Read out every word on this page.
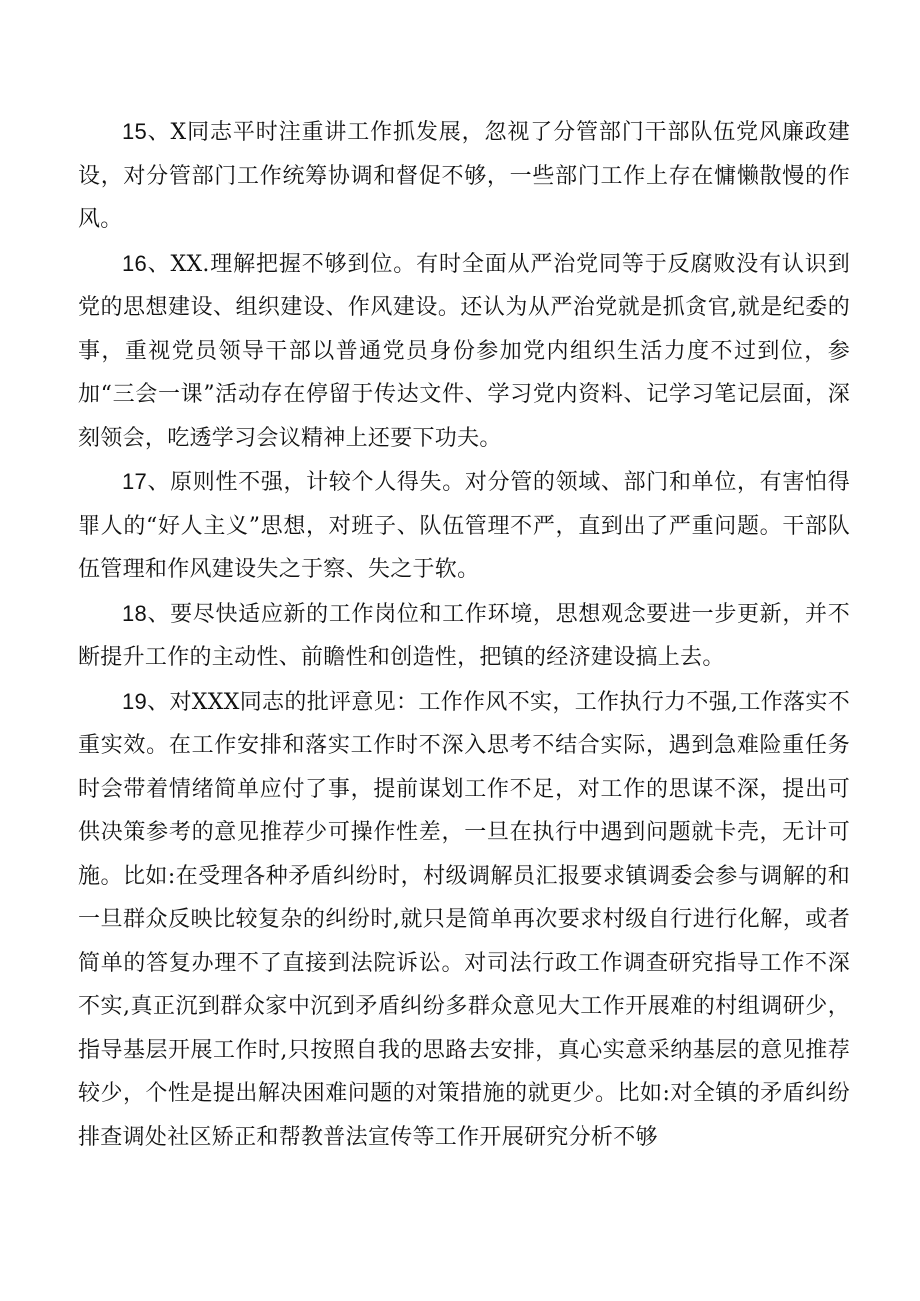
15、X同志平时注重讲工作抓发展，忽视了分管部门干部队伍党风廉政建设，对分管部门工作统筹协调和督促不够，一些部门工作上存在慵懒散慢的作风。

16、XX.理解把握不够到位。有时全面从严治党同等于反腐败没有认识到党的思想建设、组织建设、作风建设。还认为从严治党就是抓贪官,就是纪委的事，重视党员领导干部以普通党员身份参加党内组织生活力度不过到位，参加“三会一课”活动存在停留于传达文件、学习党内资料、记学习笔记层面，深刻领会，吃透学习会议精神上还要下功夫。

17、原则性不强，计较个人得失。对分管的领域、部门和单位，有害怕得罪人的“好人主义”思想，对班子、队伍管理不严，直到出了严重问题。干部队伍管理和作风建设失之于察、失之于软。

18、要尽快适应新的工作岗位和工作环境，思想观念要进一步更新，并不断提升工作的主动性、前瞻性和创造性，把镇的经济建设搞上去。

19、对XXX同志的批评意见：工作作风不实，工作执行力不强,工作落实不重实效。在工作安排和落实工作时不深入思考不结合实际，遇到急难险重任务时会带着情绪简单应付了事，提前谋划工作不足，对工作的思谋不深，提出可供决策参考的意见推荐少可操作性差，一旦在执行中遇到问题就卡壳，无计可施。比如:在受理各种矛盾纠纷时，村级调解员汇报要求镇调委会参与调解的和一旦群众反映比较复杂的纠纷时,就只是简单再次要求村级自行进行化解，或者简单的答复办理不了直接到法院诉讼。对司法行政工作调查研究指导工作不深不实,真正沉到群众家中沉到矛盾纠纷多群众意见大工作开展难的村组调研少，指导基层开展工作时,只按照自我的思路去安排，真心实意采纳基层的意见推荐较少，个性是提出解决困难问题的对策措施的就更少。比如:对全镇的矛盾纠纷排查调处社区矫正和帮教普法宣传等工作开展研究分析不够
